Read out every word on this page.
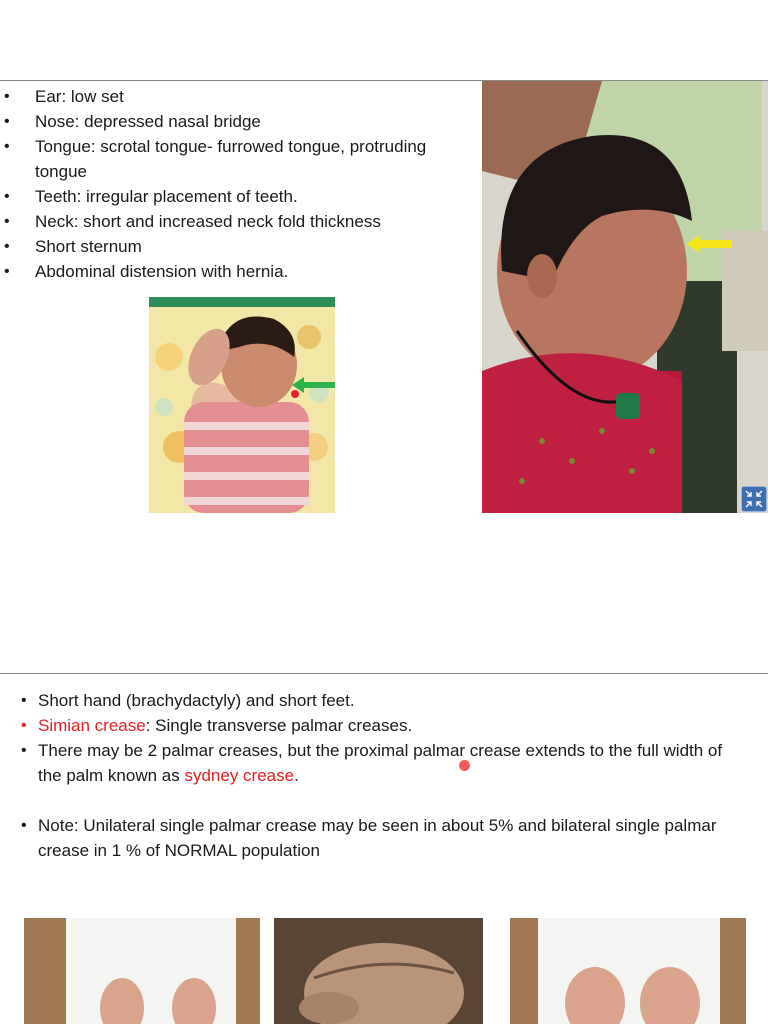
• Ear: low set
• Nose: depressed nasal bridge
• Tongue: scrotal tongue- furrowed tongue, protruding tongue
• Teeth: irregular placement of teeth.
• Neck: short and increased neck fold thickness
• Short sternum
• Abdominal distension with hernia.
• Short hand (brachydactyly) and short feet.
• Simian crease: Single transverse palmar creases.
• There may be 2 palmar creases, but the proximal palmar crease extends to the full width of the palm known as sydney crease.
• Note: Unilateral single palmar crease may be seen in about 5% and bilateral single palmar crease in 1 % of NORMAL population
